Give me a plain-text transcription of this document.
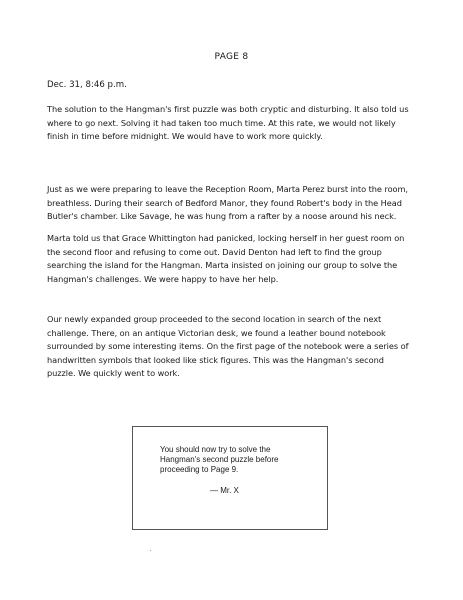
PAGE 8
Dec. 31, 8:46 p.m.

The solution to the Hangman's first puzzle was both cryptic and disturbing. It also told us where to go next. Solving it had taken too much time. At this rate, we would not likely finish in time before midnight. We would have to work more quickly.

Just as we were preparing to leave the Reception Room, Marta Perez burst into the room, breathless. During their search of Bedford Manor, they found Robert's body in the Head Butler's chamber. Like Savage, he was hung from a rafter by a noose around his neck.

Marta told us that Grace Whittington had panicked, locking herself in her guest room on the second floor and refusing to come out. David Denton had left to find the group searching the island for the Hangman. Marta insisted on joining our group to solve the Hangman's challenges. We were happy to have her help.

Our newly expanded group proceeded to the second location in search of the next challenge. There, on an antique Victorian desk, we found a leather bound notebook surrounded by some interesting items. On the first page of the notebook were a series of handwritten symbols that looked like stick figures. This was the Hangman's second puzzle. We quickly went to work.

You should now try to solve the Hangman's second puzzle before proceeding to Page 9.
— Mr. X
